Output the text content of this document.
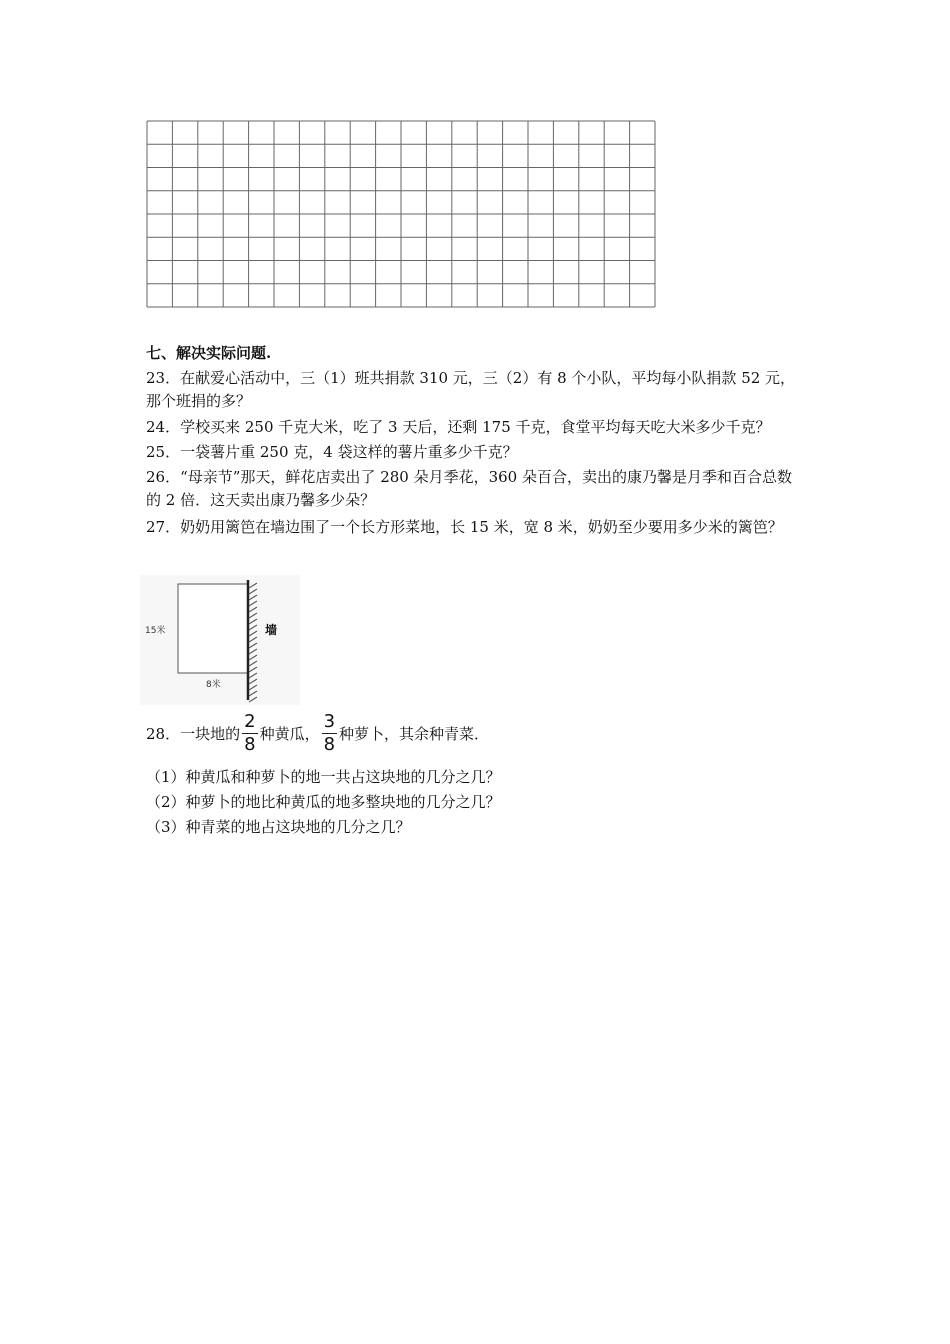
七、解决实际问题.
23．在献爱心活动中，三（1）班共捐款 310 元，三（2）有 8 个小队，平均每小队捐款 52 元，那个班捐的多？
24．学校买来 250 千克大米，吃了 3 天后，还剩 175 千克，食堂平均每天吃大米多少千克？
25．一袋薯片重 250 克，4 袋这样的薯片重多少千克？
26．“母亲节”那天，鲜花店卖出了 280 朵月季花，360 朵百合，卖出的康乃馨是月季和百合总数的 2 倍．这天卖出康乃馨多少朵？
27．奶奶用篱笆在墙边围了一个长方形菜地，长 15 米，宽 8 米，奶奶至少要用多少米的篱笆？
15米
8米
墙
28．一块地的 $\frac{2}{8}$ 种黄瓜， $\frac{3}{8}$ 种萝卜，其余种青菜．
（1）种黄瓜和种萝卜的地一共占这块地的几分之几？
（2）种萝卜的地比种黄瓜的地多整块地的几分之几？
（3）种青菜的地占这块地的几分之几？
